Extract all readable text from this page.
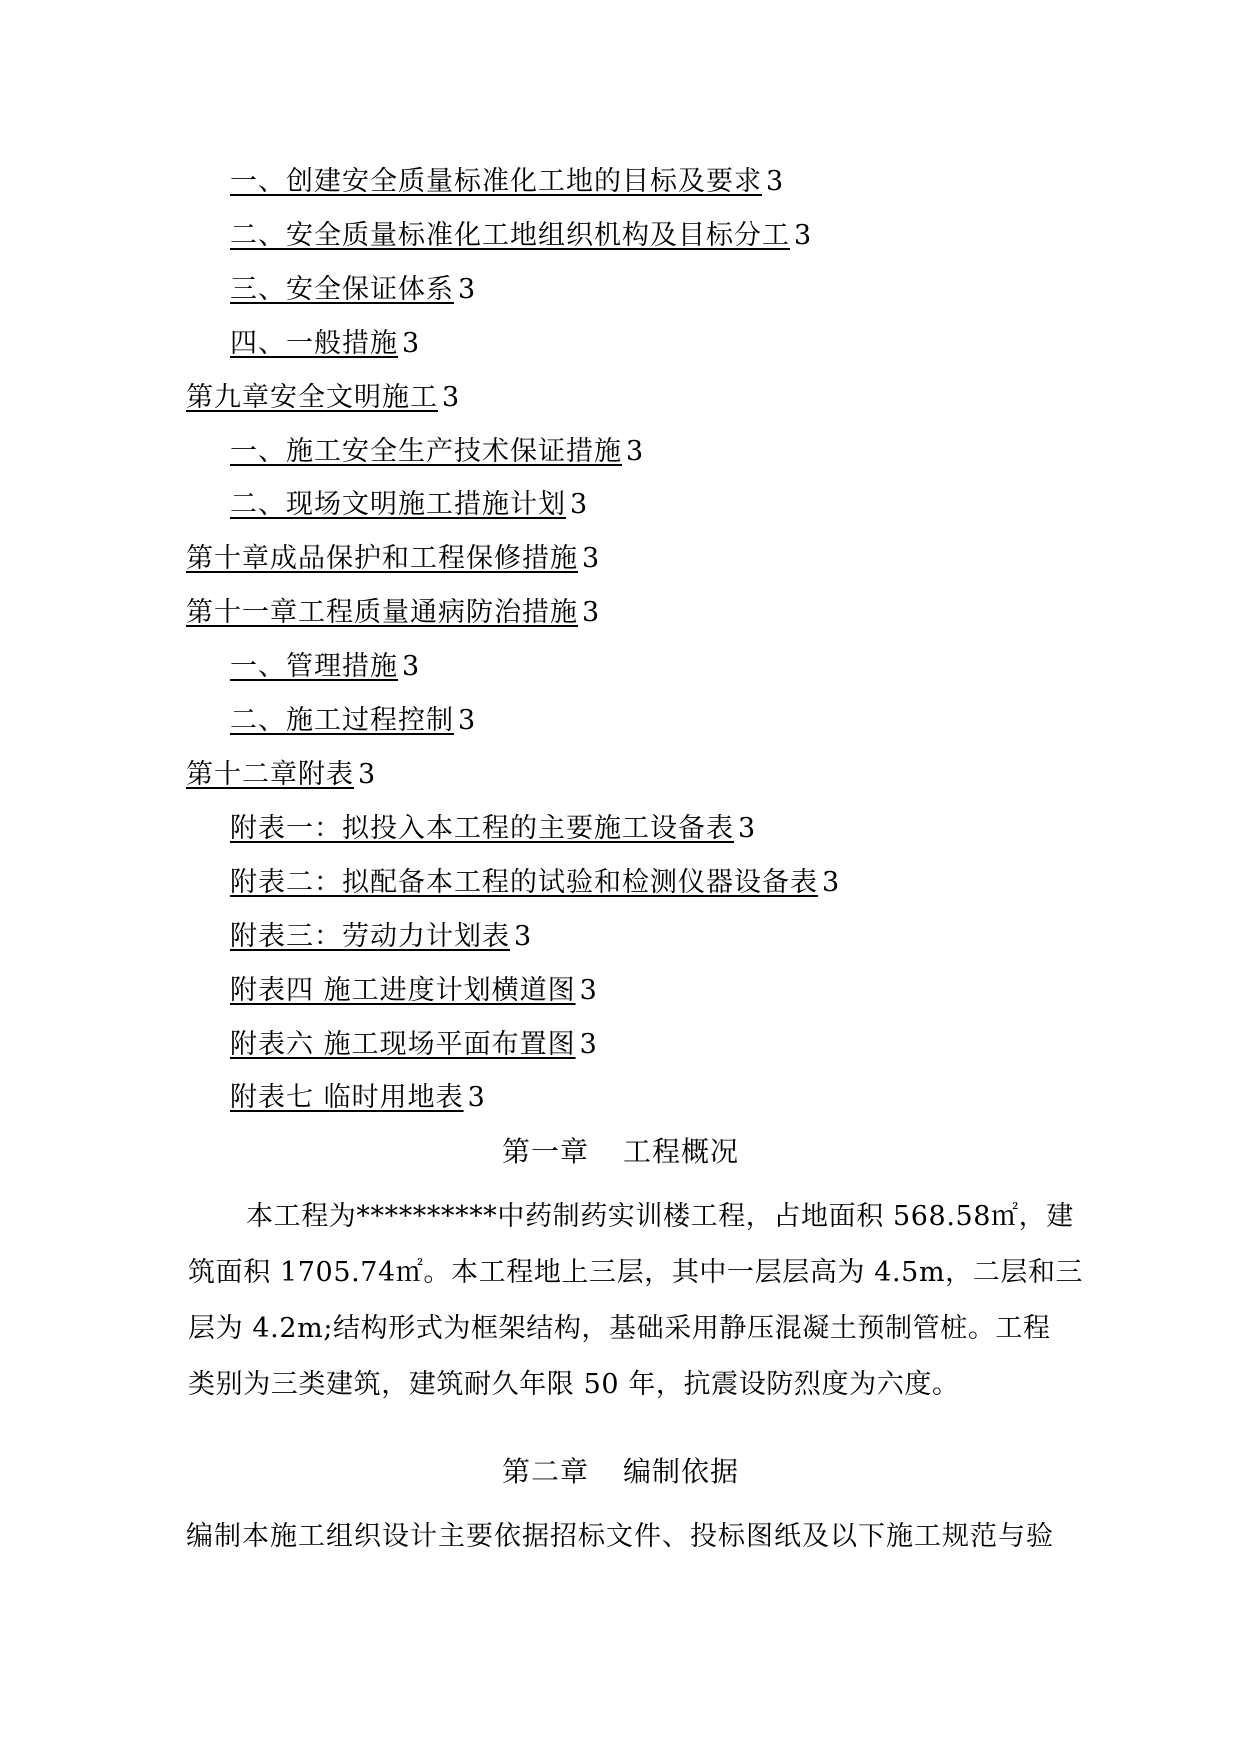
一、创建安全质量标准化工地的目标及要求 3
二、安全质量标准化工地组织机构及目标分工 3
三、安全保证体系 3
四、一般措施 3
第九章安全文明施工 3
一、施工安全生产技术保证措施 3
二、现场文明施工措施计划 3
第十章成品保护和工程保修措施 3
第十一章工程质量通病防治措施 3
一、管理措施 3
二、施工过程控制 3
第十二章附表 3
附表一：拟投入本工程的主要施工设备表 3
附表二：拟配备本工程的试验和检测仪器设备表 3
附表三：劳动力计划表 3
附表四 施工进度计划横道图 3
附表六 施工现场平面布置图 3
附表七 临时用地表 3
第一章 工程概况
本工程为**********中药制药实训楼工程，占地面积 568.58㎡，建
筑面积 1705.74㎡。本工程地上三层，其中一层层高为 4.5m，二层和三
层为 4.2m;结构形式为框架结构，基础采用静压混凝土预制管桩。工程
类别为三类建筑，建筑耐久年限 50 年，抗震设防烈度为六度。
第二章 编制依据
编制本施工组织设计主要依据招标文件、投标图纸及以下施工规范与验
